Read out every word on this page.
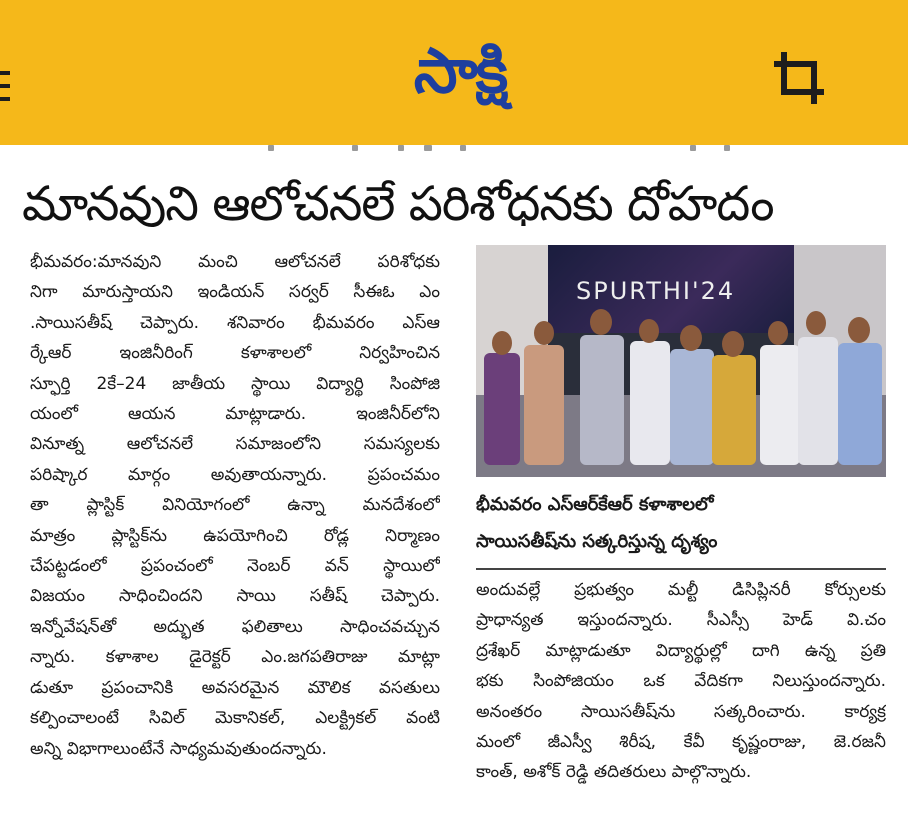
సాక్షి
మానవుని ఆలోచనలే పరిశోధనకు దోహదం

భీమవరం:మానవుని మంచి ఆలోచనలే పరిశోధకు

నిగా మారుస్తాయని ఇండియన్ సర్వర్ సీఈఓ ఎం

.సాయిసతీష్ చెప్పారు. శనివారం భీమవరం ఎస్ఆ

ర్కేఆర్ ఇంజినీరింగ్ కళాశాలలో నిర్వహించిన

స్ఫూర్తి 2కే–24 జాతీయ స్థాయి విద్యార్థి సింపోజి

యంలో ఆయన మాట్లాడారు. ఇంజినీర్‌లోని

వినూత్న ఆలోచనలే సమాజంలోని సమస్యలకు

పరిష్కార మార్గం అవుతాయన్నారు. ప్రపంచమం

తా ప్లాస్టిక్ వినియోగంలో ఉన్నా మనదేశంలో

మాత్రం ప్లాస్టిక్‌ను ఉపయోగించి రోడ్ల నిర్మాణం

చేపట్టడంలో ప్రపంచంలో నెంబర్ వన్ స్థాయిలో

విజయం సాధించిందని సాయి సతీష్ చెప్పారు.

ఇన్నోవేషన్‌తో అద్భుత ఫలితాలు సాధించవచ్చున

న్నారు. కళాశాల డైరెక్టర్ ఎం.జగపతిరాజు మాట్లా

డుతూ ప్రపంచానికి అవసరమైన మౌలిక వసతులు

కల్పించాలంటే సివిల్ మెకానికల్, ఎలక్ట్రికల్ వంటి

అన్ని విభాగాలుంటేనే సాధ్యమవుతుందన్నారు.

SPURTHI'24
భీమవరం ఎస్ఆర్‌కేఆర్ కళాశాలలో
సాయిసతీష్‌ను సత్కరిస్తున్న దృశ్యం

అందువల్లే ప్రభుత్వం మల్టీ డిసిప్లినరీ కోర్సులకు

ప్రాధాన్యత ఇస్తుందన్నారు. సీఎస్సీ హెడ్ వి.చం

ద్రశేఖర్ మాట్లాడుతూ విద్యార్థుల్లో దాగి ఉన్న ప్రతి

భకు సింపోజియం ఒక వేదికగా నిలుస్తుందన్నారు.

అనంతరం సాయిసతీష్‌ను సత్కరించారు. కార్యక్ర

మంలో జీఎస్వీ శిరీష, కేవీ కృష్ణంరాజు, జె.రజనీ

కాంత్, అశోక్ రెడ్డి తదితరులు పాల్గొన్నారు.
